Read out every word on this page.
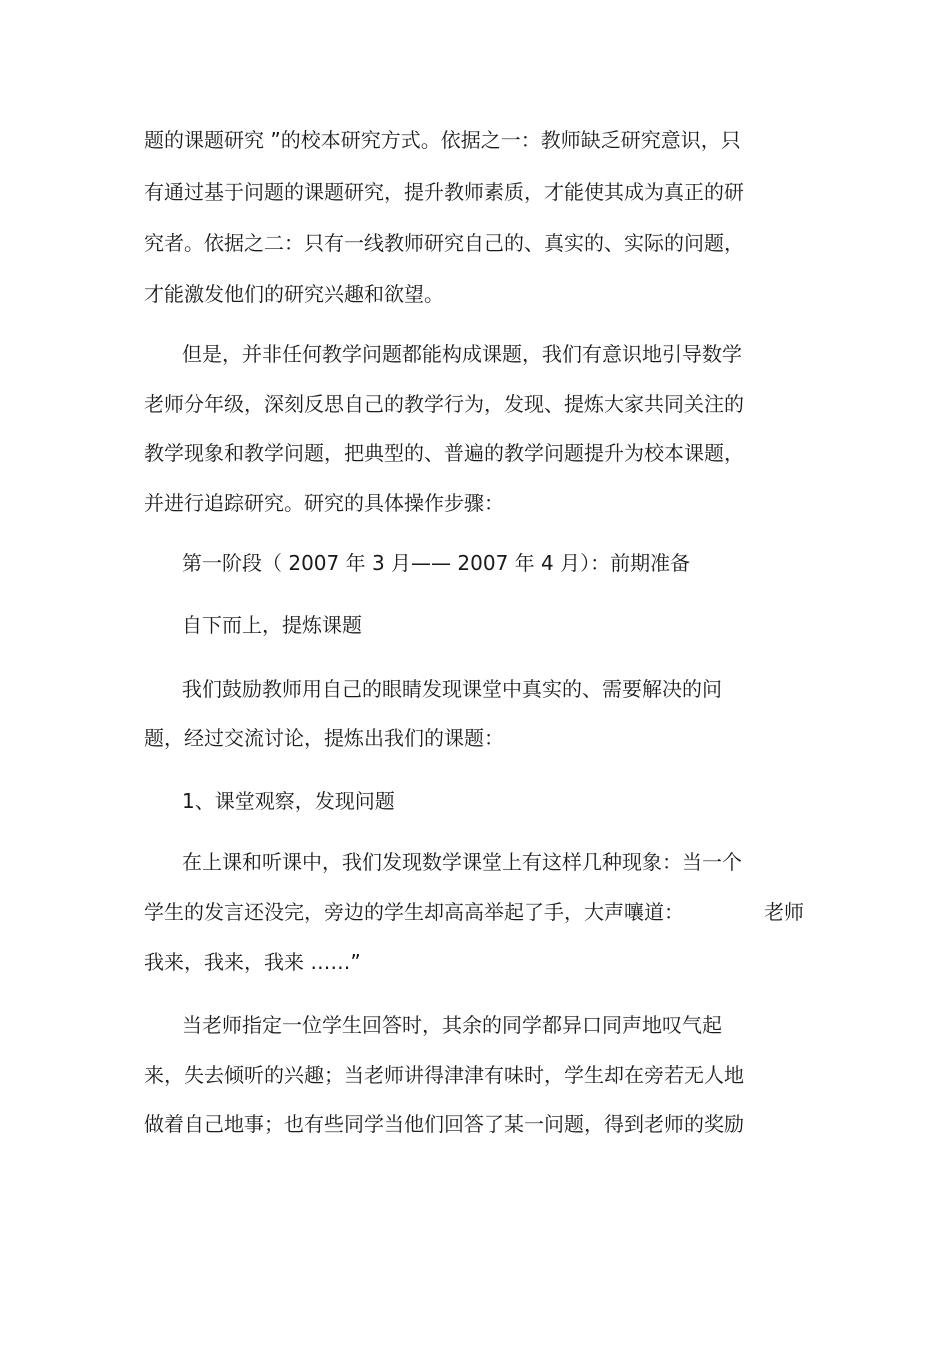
题的课题研究 ”的校本研究方式。依据之一：教师缺乏研究意识，只
有通过基于问题的课题研究，提升教师素质，才能使其成为真正的研
究者。依据之二：只有一线教师研究自己的、真实的、实际的问题，
才能激发他们的研究兴趣和欲望。
但是，并非任何教学问题都能构成课题，我们有意识地引导数学
老师分年级，深刻反思自己的教学行为，发现、提炼大家共同关注的
教学现象和教学问题，把典型的、普遍的教学问题提升为校本课题，
并进行追踪研究。研究的具体操作步骤：
第一阶段（ 2007 年 3 月—— 2007 年 4 月）：前期准备
自下而上，提炼课题
我们鼓励教师用自己的眼睛发现课堂中真实的、需要解决的问
题，经过交流讨论，提炼出我们的课题：
1、课堂观察，发现问题
在上课和听课中，我们发现数学课堂上有这样几种现象：当一个
学生的发言还没完，旁边的学生却高高举起了手，大声嚷道：	老师
我来，我来，我来 ……”
当老师指定一位学生回答时，其余的同学都异口同声地叹气起
来，失去倾听的兴趣；当老师讲得津津有味时，学生却在旁若无人地
做着自己地事；也有些同学当他们回答了某一问题，得到老师的奖励
